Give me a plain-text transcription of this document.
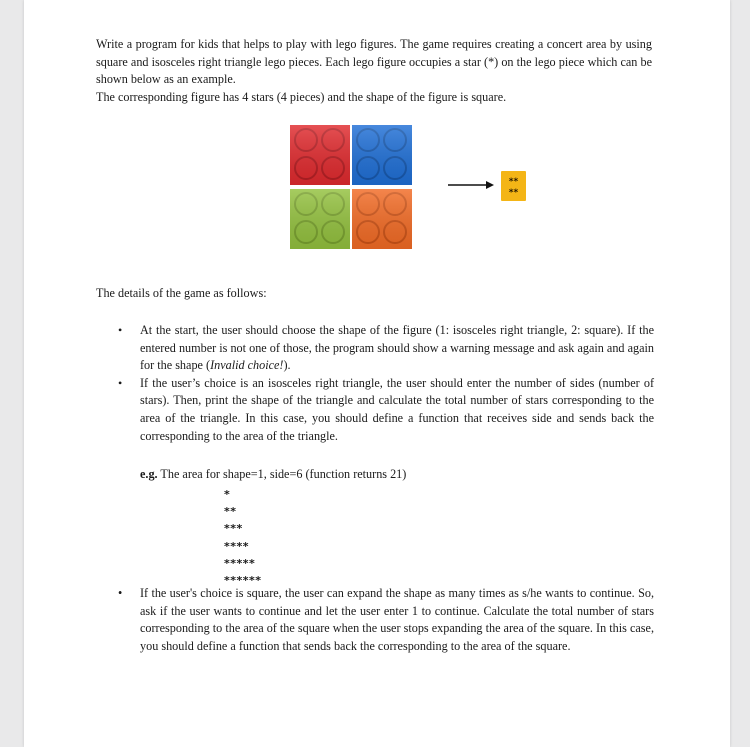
Write a program for kids that helps to play with lego figures. The game requires creating a concert area by using square and isosceles right triangle lego pieces. Each lego figure occupies a star (*) on the lego piece which can be shown below as an example.

The corresponding figure has 4 stars (4 pieces) and the shape of the figure is square.

**
**
The details of the game as follows:
• At the start, the user should choose the shape of the figure (1: isosceles right triangle, 2: square). If the entered number is not one of those, the program should show a warning message and ask again and again for the shape (Invalid choice!).
• If the user’s choice is an isosceles right triangle, the user should enter the number of sides (number of stars). Then, print the shape of the triangle and calculate the total number of stars corresponding to the area of the triangle. In this case, you should define a function that receives side and sends back the corresponding to the area of the triangle.
e.g. The area for shape=1, side=6 (function returns 21)
*
**
***
****
*****
******
• If the user's choice is square, the user can expand the shape as many times as s/he wants to continue. So, ask if the user wants to continue and let the user enter 1 to continue. Calculate the total number of stars corresponding to the area of the square when the user stops expanding the area of the square. In this case, you should define a function that sends back the corresponding to the area of the square.
